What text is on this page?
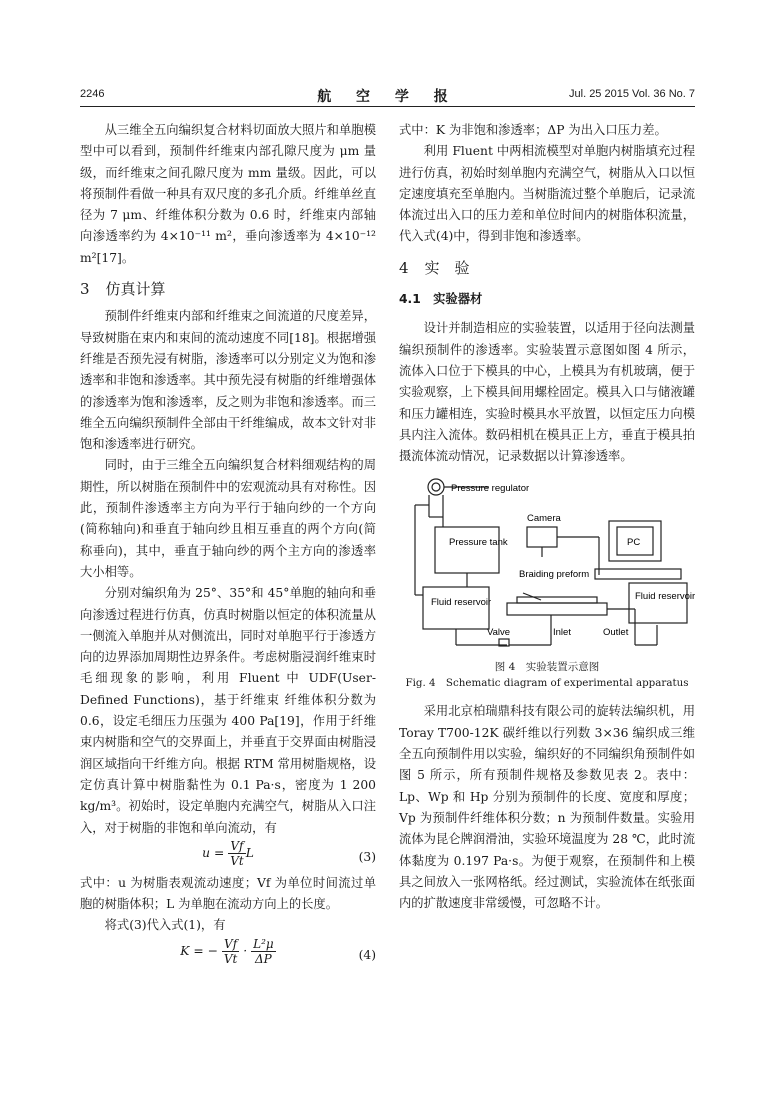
2246	航 空 学 报	Jul. 25 2015 Vol. 36 No. 7

从三维全五向编织复合材料切面放大照片和单胞模型中可以看到，预制件纤维束内部孔隙尺度为 μm 量级，而纤维束之间孔隙尺度为 mm 量级。因此，可以将预制件看做一种具有双尺度的多孔介质。纤维单丝直径为 7 μm、纤维体积分数为 0.6 时，纤维束内部轴向渗透率约为 4×10⁻¹¹ m²，垂向渗透率为 4×10⁻¹² m²[17]。

3 仿真计算

预制件纤维束内部和纤维束之间流道的尺度差异，导致树脂在束内和束间的流动速度不同[18]。根据增强纤维是否预先浸有树脂，渗透率可以分别定义为饱和渗透率和非饱和渗透率。其中预先浸有树脂的纤维增强体的渗透率为饱和渗透率，反之则为非饱和渗透率。而三维全五向编织预制件全部由干纤维编成，故本文针对非饱和渗透率进行研究。

同时，由于三维全五向编织复合材料细观结构的周期性，所以树脂在预制件中的宏观流动具有对称性。因此，预制件渗透率主方向为平行于轴向纱的一个方向(简称轴向)和垂直于轴向纱且相互垂直的两个方向(简称垂向)，其中，垂直于轴向纱的两个主方向的渗透率大小相等。

分别对编织角为 25°、35°和 45°单胞的轴向和垂向渗透过程进行仿真，仿真时树脂以恒定的体积流量从一侧流入单胞并从对侧流出，同时对单胞平行于渗透方向的边界添加周期性边界条件。考虑树脂浸润纤维束时毛细现象的影响，利用 Fluent 中 UDF(User-Defined Functions)，基于纤维束 纤维体积分数为 0.6，设定毛细压力压强为 400 Pa[19]，作用于纤维束内树脂和空气的交界面上，并垂直于交界面由树脂浸润区域指向干纤维方向。根据 RTM 常用树脂规格，设定仿真计算中树脂黏性为 0.1 Pa·s，密度为 1 200 kg/m³。初始时，设定单胞内充满空气，树脂从入口注入，对于树脂的非饱和单向流动，有

$u = \frac{Vf}{Vt}$ L	(3)

式中：u 为树脂表观流动速度；Vf 为单位时间流过单胞的树脂体积；L 为单胞在流动方向上的长度。

将式(3)代入式(1)，有

K = − $\frac{Vf}{Vt} \cdot \frac{\text{L²μ}}{\Delta P}$	(4)

式中：K 为非饱和渗透率；ΔP 为出入口压力差。

利用 Fluent 中两相流模型对单胞内树脂填充过程进行仿真，初始时刻单胞内充满空气，树脂从入口以恒定速度填充至单胞内。当树脂流过整个单胞后，记录流体流过出入口的压力差和单位时间内的树脂体积流量，代入式(4)中，得到非饱和渗透率。

4 实　验
4.1　 实验器材

设计并制造相应的实验装置，以适用于径向法测量编织预制件的渗透率。实验装置示意图如图 4 所示，流体入口位于下模具的中心，上模具为有机玻璃，便于实验观察，上下模具间用螺栓固定。模具入口与储液罐和压力罐相连，实验时模具水平放置，以恒定压力向模具内注入流体。数码相机在模具正上方，垂直于模具拍摄流体流动情况，记录数据以计算渗透率。

Pressure regulator
Camera
Pressure tank	PC
Braiding preform
Fluid reservoir
Fluid reservoir
Valve	Inlet	Outlet
图 4　实验装置示意图
Fig. 4　Schematic diagram of experimental apparatus

采用北京柏瑞鼎科技有限公司的旋转法编织机，用 Toray T700-12K 碳纤维以行列数 3×36 编织成三维全五向预制件用以实验，编织好的不同编织角预制件如图 5 所示，所有预制件规格及参数见表 2。表中：Lp、Wp 和 Hp 分别为预制件的长度、宽度和厚度；Vp 为预制件纤维体积分数；n 为预制件数量。实验用流体为昆仑牌润滑油，实验环境温度为 28 ℃，此时流体黏度为 0.197 Pa·s。为便于观察，在预制件和上模具之间放入一张网格纸。经过测试，实验流体在纸张面内的扩散速度非常缓慢，可忽略不计。
